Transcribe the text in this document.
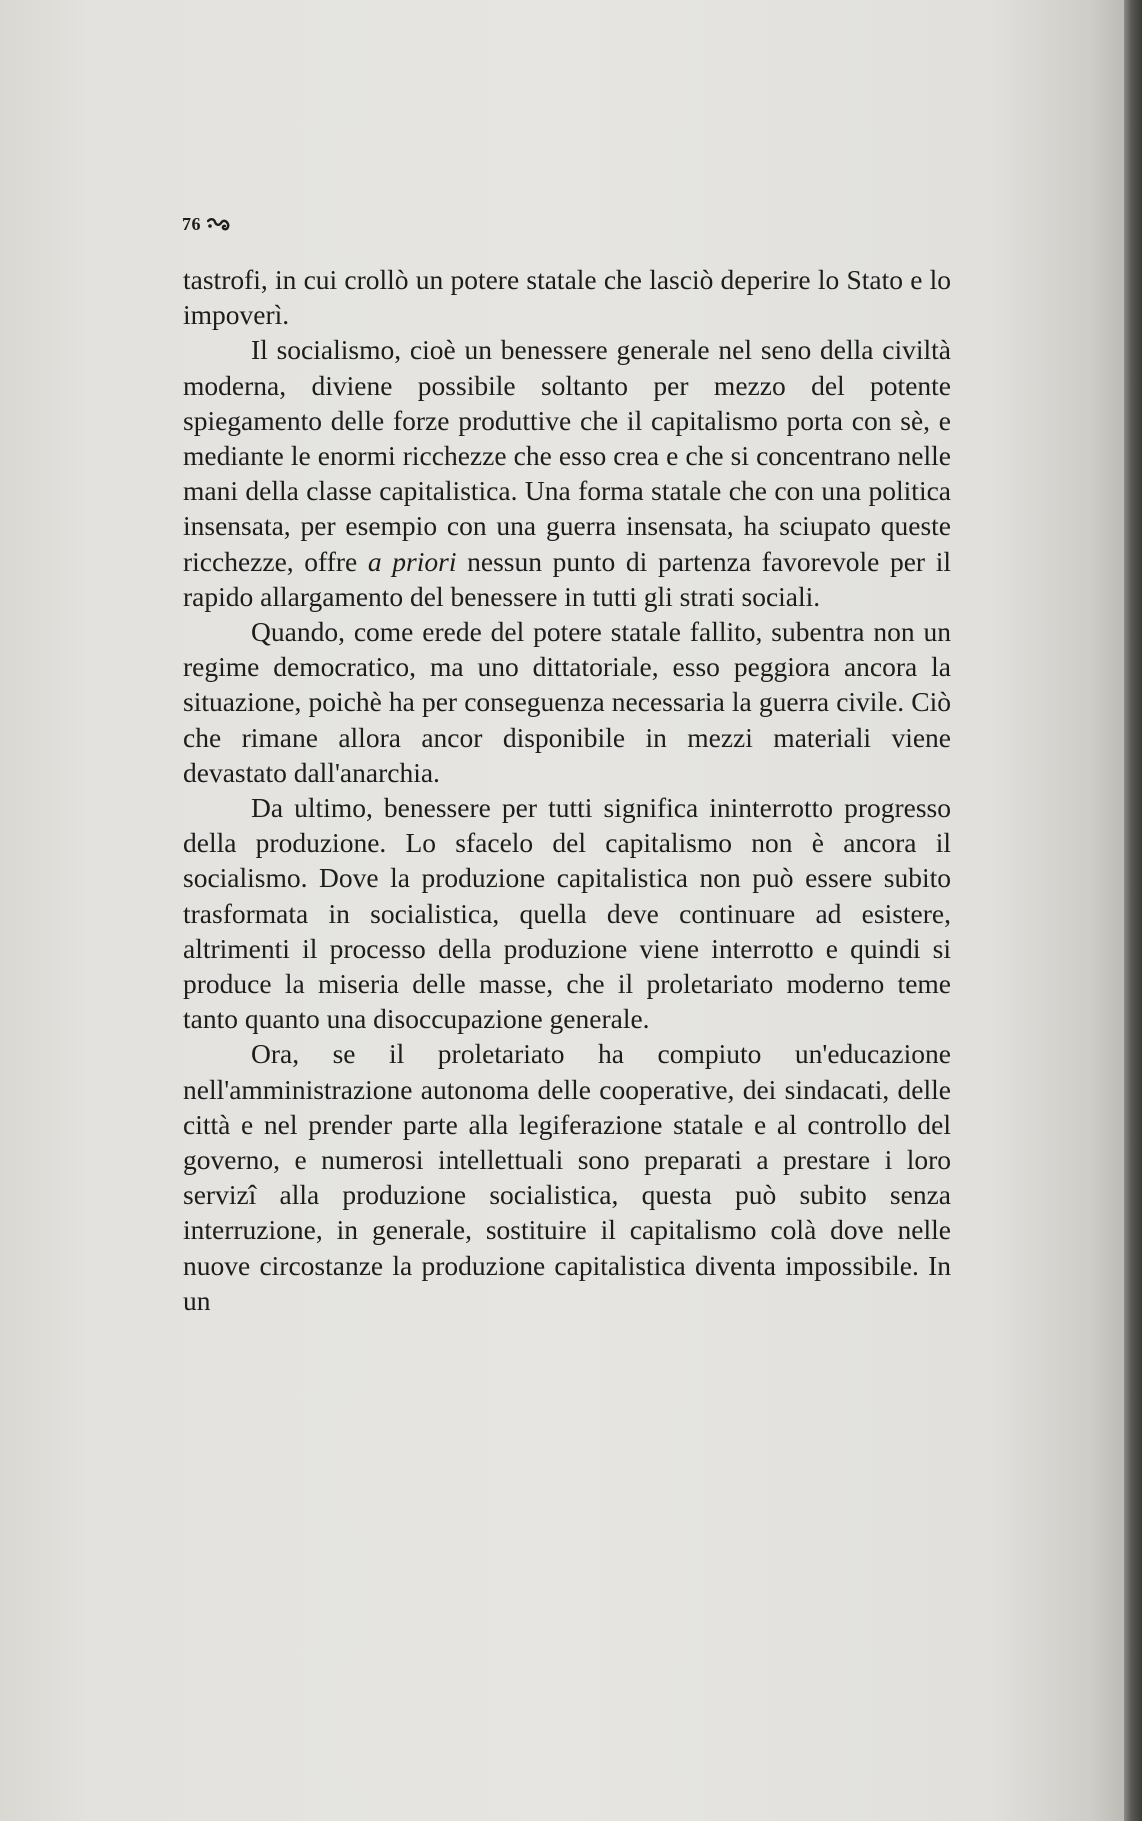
76

tastrofi, in cui crollò un potere statale che lasciò deperire lo Stato e lo impoverì.

Il socialismo, cioè un benessere generale nel seno della civiltà moderna, diviene possibile soltanto per mezzo del potente spiegamento delle forze produttive che il capitalismo porta con sè, e mediante le enormi ricchezze che esso crea e che si concentrano nelle mani della classe capitalistica. Una forma statale che con una politica insensata, per esempio con una guerra insensata, ha sciupato queste ricchezze, offre a priori nessun punto di partenza favorevole per il rapido allargamento del benessere in tutti gli strati sociali.

Quando, come erede del potere statale fallito, subentra non un regime democratico, ma uno dittatoriale, esso peggiora ancora la situazione, poichè ha per conseguenza necessaria la guerra civile. Ciò che rimane allora ancor disponibile in mezzi materiali viene devastato dall'anarchia.

Da ultimo, benessere per tutti significa ininterrotto progresso della produzione. Lo sfacelo del capitalismo non è ancora il socialismo. Dove la produzione capitalistica non può essere subito trasformata in socialistica, quella deve continuare ad esistere, altrimenti il processo della produzione viene interrotto e quindi si produce la miseria delle masse, che il proletariato moderno teme tanto quanto una disoccupazione generale.

Ora, se il proletariato ha compiuto un'educazione nell'amministrazione autonoma delle cooperative, dei sindacati, delle città e nel prender parte alla legiferazione statale e al controllo del governo, e numerosi intellettuali sono preparati a prestare i loro servizî alla produzione socialistica, questa può subito senza interruzione, in generale, sostituire il capitalismo colà dove nelle nuove circostanze la produzione capitalistica diventa impossibile. In un
